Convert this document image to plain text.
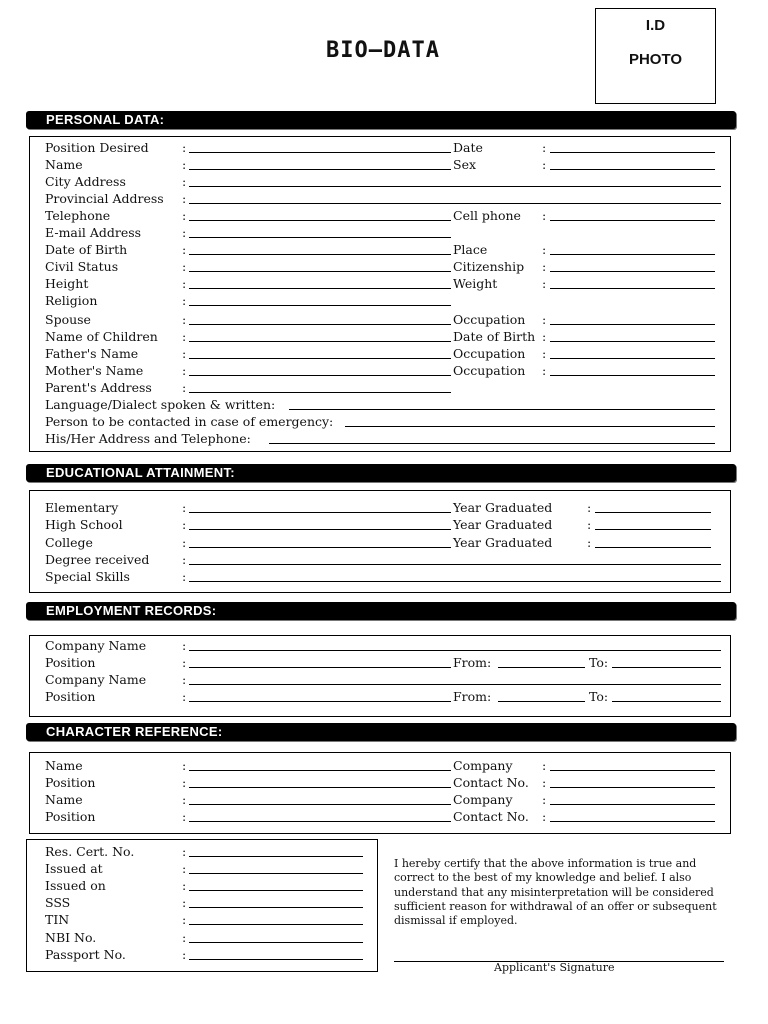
BIO–DATA
I.D
PHOTO
PERSONAL DATA:
Position Desired	:	Date	:
Name	:	Sex	:
City Address	:
Provincial Address :
Telephone	:	Cell phone :
E-mail Address	:
Date of Birth	:	Place	:
Civil Status	:	Citizenship :
Height	:	Weight	:
Religion	:
Spouse	:	Occupation :
Name of Children :	Date of Birth :
Father's Name	:	Occupation :
Mother's Name	:	Occupation :
Parent's Address :
Language/Dialect spoken & written:
Person to be contacted in case of emergency:
His/Her Address and Telephone:
EDUCATIONAL ATTAINMENT:
Elementary	:	Year Graduated	:
High School	:	Year Graduated	:
College	:	Year Graduated	:
Degree received	:
Special Skills	:
EMPLOYMENT RECORDS:
Company Name	:
Position	:	From:	To:
Company Name	:
Position	:	From:	To:
CHARACTER REFERENCE:
Name	:	Company :
Position	:	Contact No. :
Name	:	Company :
Position	:	Contact No. :
Res. Cert. No.	:
Issued at	:
Issued on	:
SSS	:
TIN	:
NBI No.	:
Passport No.	:
I hereby certify that the above information is true and correct to the best of my knowledge and belief. I also understand that any misinterpretation will be considered sufficient reason for withdrawal of an offer or subsequent dismissal if employed.
Applicant's Signature
